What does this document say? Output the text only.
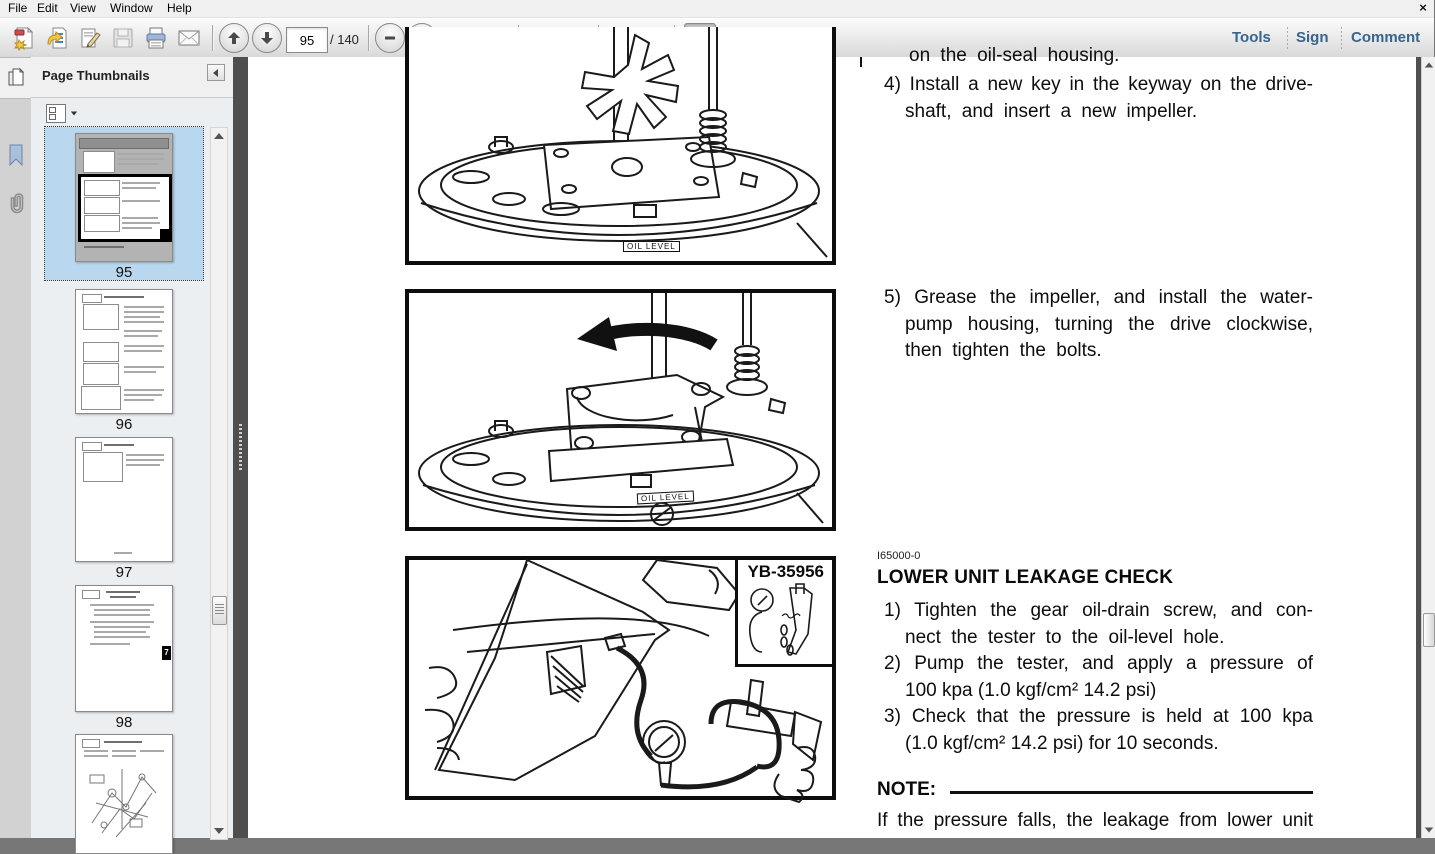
File Edit View Window Help	×
95
/ 140
125%	Tools Sign Comment
Page Thumbnails
95
96
97
7
98
OIL LEVEL
OIL LEVEL
YB-35956
on the oil-seal housing.
4) Install a new key in the keyway on the drive-
shaft, and insert a new impeller.
5) Grease the impeller, and install the water-
pump housing, turning the drive clockwise,
then tighten the bolts.
I65000-0
LOWER UNIT LEAKAGE CHECK
1) Tighten the gear oil-drain screw, and con-
nect the tester to the oil-level hole.
2) Pump the tester, and apply a pressure of
100 kpa (1.0 kgf/cm² 14.2 psi)
3) Check that the pressure is held at 100 kpa
(1.0 kgf/cm² 14.2 psi) for 10 seconds.
NOTE:
If the pressure falls, the leakage from lower unit
